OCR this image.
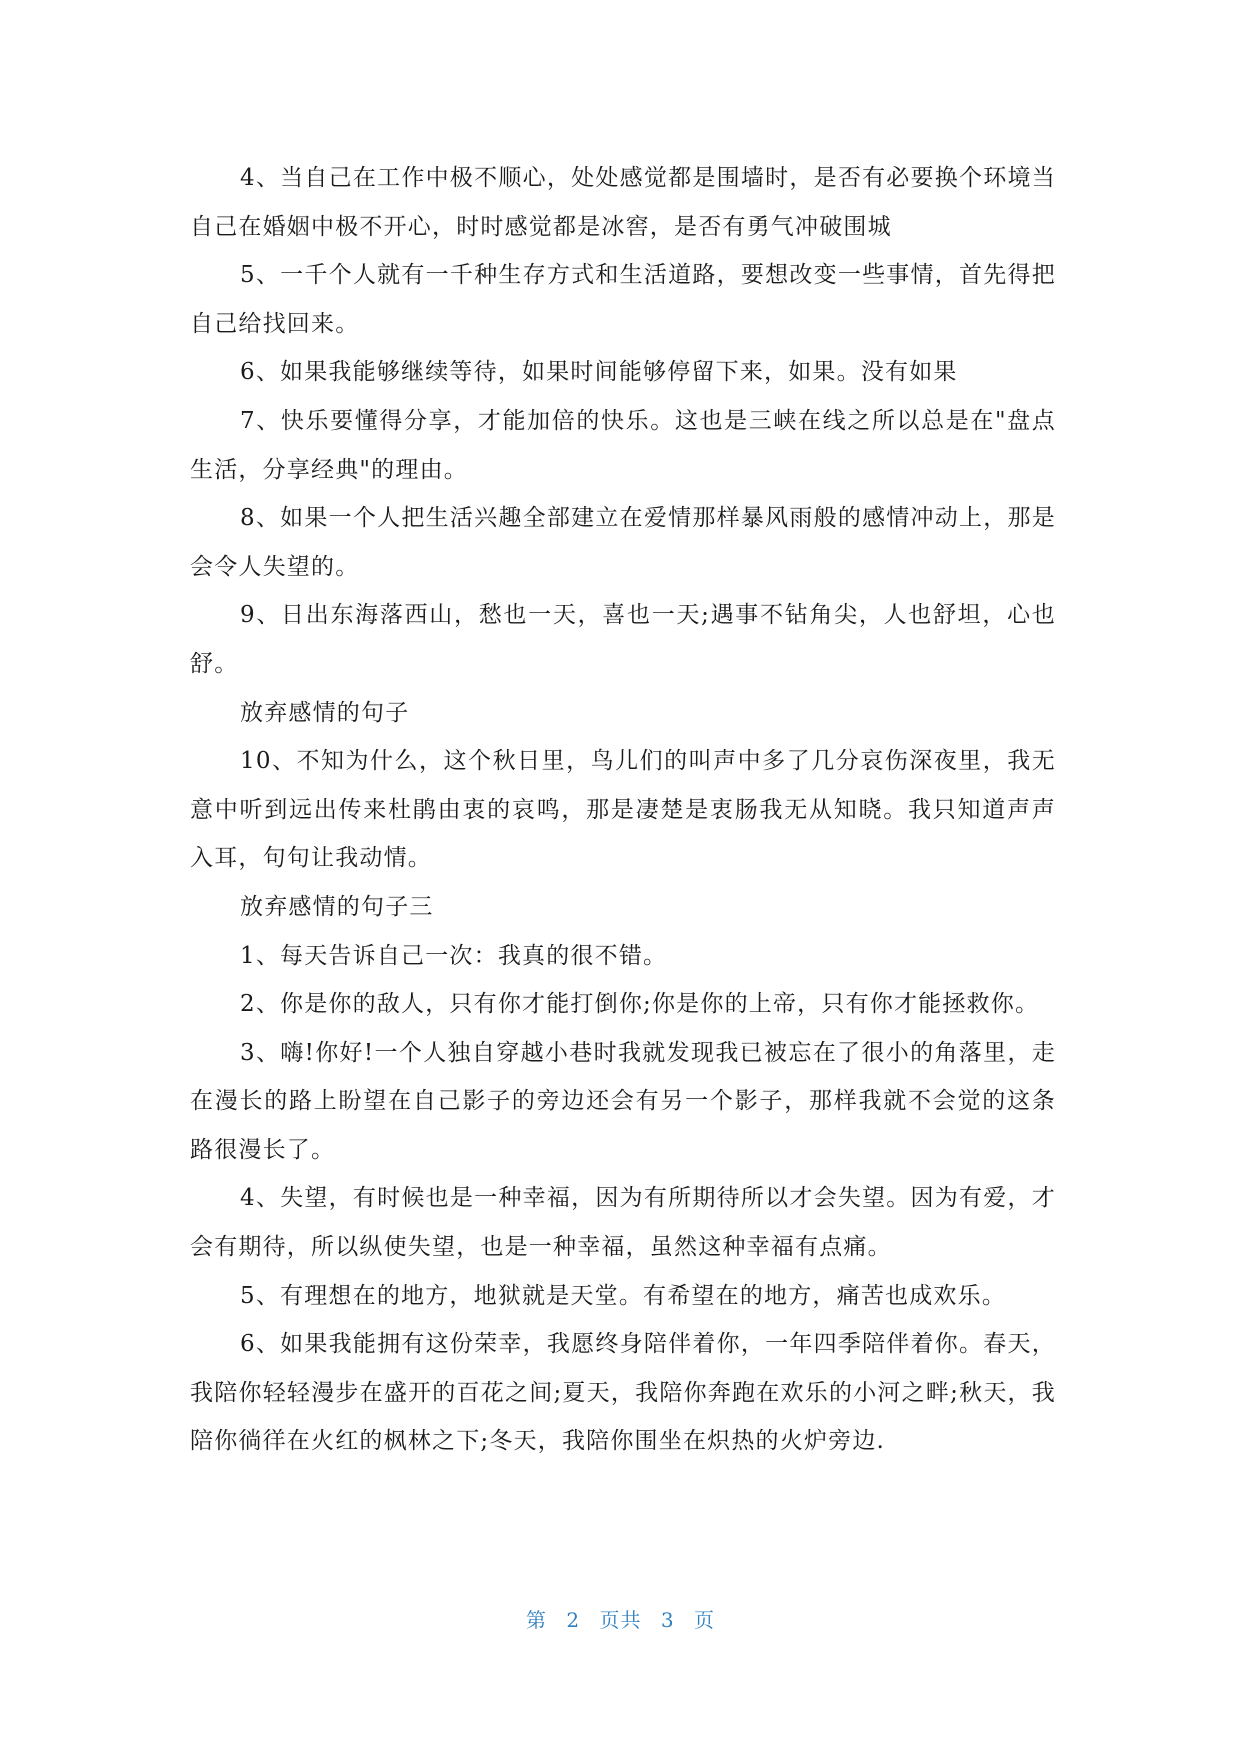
4、当自己在工作中极不顺心，处处感觉都是围墙时，是否有必要换个环境当自己在婚姻中极不开心，时时感觉都是冰窖，是否有勇气冲破围城

5、一千个人就有一千种生存方式和生活道路，要想改变一些事情，首先得把自己给找回来。

6、如果我能够继续等待，如果时间能够停留下来，如果。没有如果

7、快乐要懂得分享，才能加倍的快乐。这也是三峡在线之所以总是在"盘点生活，分享经典"的理由。

8、如果一个人把生活兴趣全部建立在爱情那样暴风雨般的感情冲动上，那是会令人失望的。

9、日出东海落西山，愁也一天，喜也一天;遇事不钻角尖，人也舒坦，心也舒。

放弃感情的句子

10、不知为什么，这个秋日里，鸟儿们的叫声中多了几分哀伤深夜里，我无意中听到远出传来杜鹃由衷的哀鸣，那是凄楚是衷肠我无从知晓。我只知道声声入耳，句句让我动情。

放弃感情的句子三

1、每天告诉自己一次：我真的很不错。

2、你是你的敌人，只有你才能打倒你;你是你的上帝，只有你才能拯救你。

3、嗨!你好!一个人独自穿越小巷时我就发现我已被忘在了很小的角落里，走在漫长的路上盼望在自己影子的旁边还会有另一个影子，那样我就不会觉的这条路很漫长了。

4、失望，有时候也是一种幸福，因为有所期待所以才会失望。因为有爱，才会有期待，所以纵使失望，也是一种幸福，虽然这种幸福有点痛。

5、有理想在的地方，地狱就是天堂。有希望在的地方，痛苦也成欢乐。

6、如果我能拥有这份荣幸，我愿终身陪伴着你，一年四季陪伴着你。春天，我陪你轻轻漫步在盛开的百花之间;夏天，我陪你奔跑在欢乐的小河之畔;秋天，我陪你徜徉在火红的枫林之下;冬天，我陪你围坐在炽热的火炉旁边.

第 2 页共 3 页
